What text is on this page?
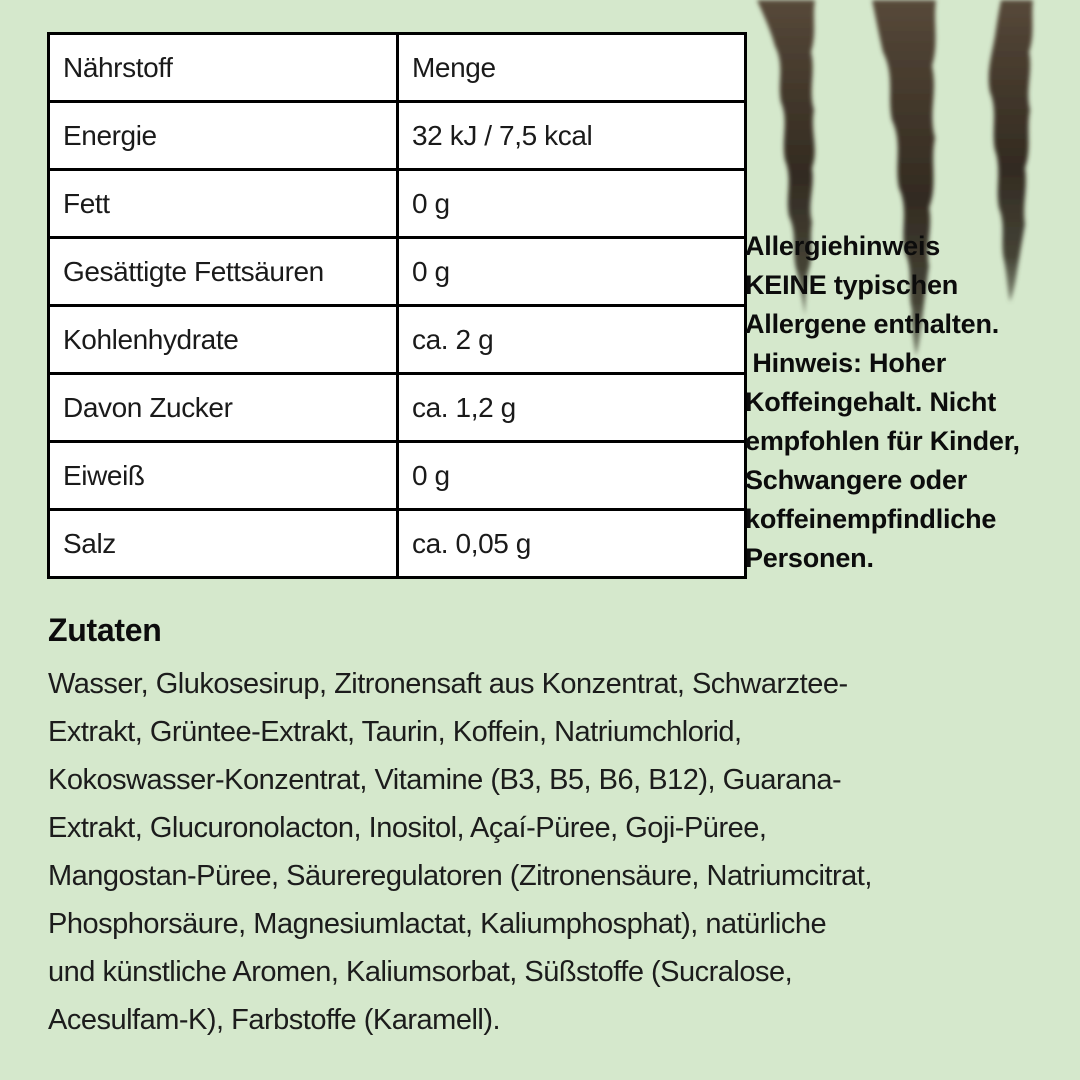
Nährstoff	Menge
Energie	32 kJ / 7,5 kcal
Fett	0 g
Gesättigte Fettsäuren	0 g
Kohlenhydrate	ca. 2 g
Davon Zucker	ca. 1,2 g
Eiweiß	0 g
Salz	ca. 0,05 g
Allergiehinweis
KEINE typischen
Allergene enthalten.
Hinweis: Hoher
Koffeingehalt. Nicht
empfohlen für Kinder,
Schwangere oder
koffeinempfindliche
Personen.
Zutaten
Wasser, Glukosesirup, Zitronensaft aus Konzentrat, Schwarztee-
Extrakt, Grüntee-Extrakt, Taurin, Koffein, Natriumchlorid,
Kokoswasser-Konzentrat, Vitamine (B3, B5, B6, B12), Guarana-
Extrakt, Glucuronolacton, Inositol, Açaí-Püree, Goji-Püree,
Mangostan-Püree, Säureregulatoren (Zitronensäure, Natriumcitrat,
Phosphorsäure, Magnesiumlactat, Kaliumphosphat), natürliche
und künstliche Aromen, Kaliumsorbat, Süßstoffe (Sucralose,
Acesulfam-K), Farbstoffe (Karamell).
